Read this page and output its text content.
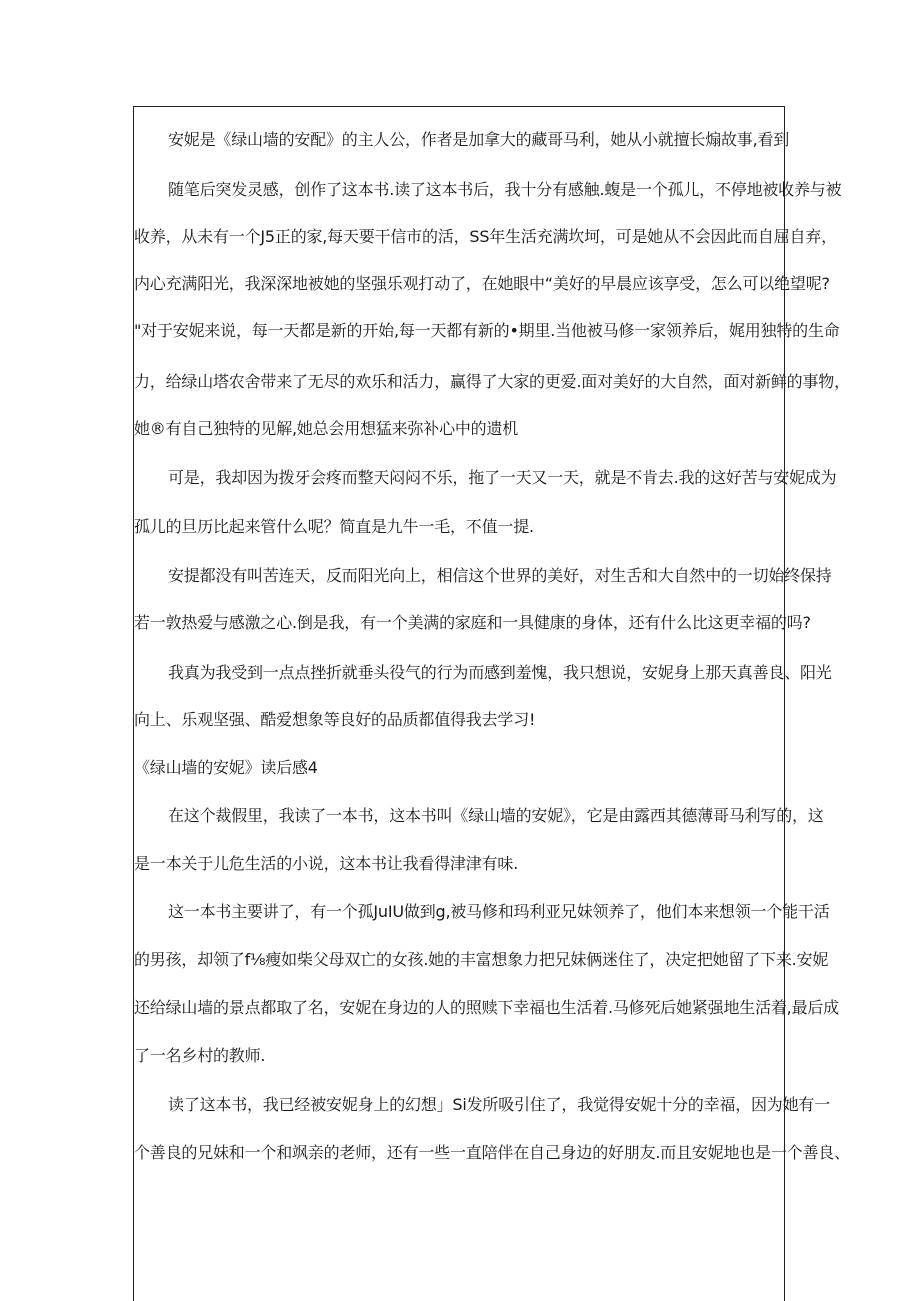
安妮是《绿山墙的安配》的主人公，作者是加拿大的藏哥马利，她从小就擅长煽故事,看到
随笔后突发灵感，创作了这本书.读了这本书后，我十分有感触.蝮是一个孤儿，不停地被收养与被
收养，从未有一个J5正的家,每天要干信市的活，SS年生活充满坎坷，可是她从不会因此而自屈自弃，
内心充满阳光，我深深地被她的坚强乐观打动了，在她眼中“美好的早晨应该享受，怎么可以绝望呢?
"对于安妮来说，每一天都是新的开始,每一天都有新的•期里.当他被马修一家领养后，娓用独特的生命
力，给绿山塔农舍带来了无尽的欢乐和活力，赢得了大家的更爱.面对美好的大自然，面对新鲜的事物，
她®有自己独特的见解,她总会用想猛来弥补心中的遗机
可是，我却因为拨牙会疼而整天闷闷不乐，拖了一天又一天，就是不肯去.我的这好苦与安妮成为
孤儿的旦历比起来管什么呢？简直是九牛一毛，不值一提.
安提都没有叫苦连天，反而阳光向上，相信这个世界的美好，对生舌和大自然中的一切始终保持
若一敦热爱与感激之心.倒是我，有一个美满的家庭和一具健康的身体，还有什么比这更幸福的吗?
我真为我受到一点点挫折就垂头役气的行为而感到羞愧，我只想说，安妮身上那天真善良、阳光
向上、乐观坚强、酷爱想象等良好的品质都值得我去学习!
《绿山墙的安妮》读后感4
在这个裁假里，我读了一本书，这本书叫《绿山墙的安妮》，它是由露西其德薄哥马利写的，这
是一本关于儿危生活的小说，这本书让我看得津津有味.
这一本书主要讲了，有一个孤JuIU做到g,被马修和玛利亚兄妹领养了，他们本来想领一个能干活
的男孩，却领了f⅛瘦如柴父母双亡的女孩.她的丰富想象力把兄妹俩迷住了，决定把她留了下来.安妮
还给绿山墙的景点都取了名，安妮在身边的人的照赎下幸福也生活着.马修死后她紧强地生活着,最后成
了一名乡村的教师.
读了这本书，我已经被安妮身上的幻想」Si发所吸引住了，我觉得安妮十分的幸福，因为她有一
个善良的兄妹和一个和飒亲的老师，还有一些一直陪伴在自己身边的好朋友.而且安妮地也是一个善良、
